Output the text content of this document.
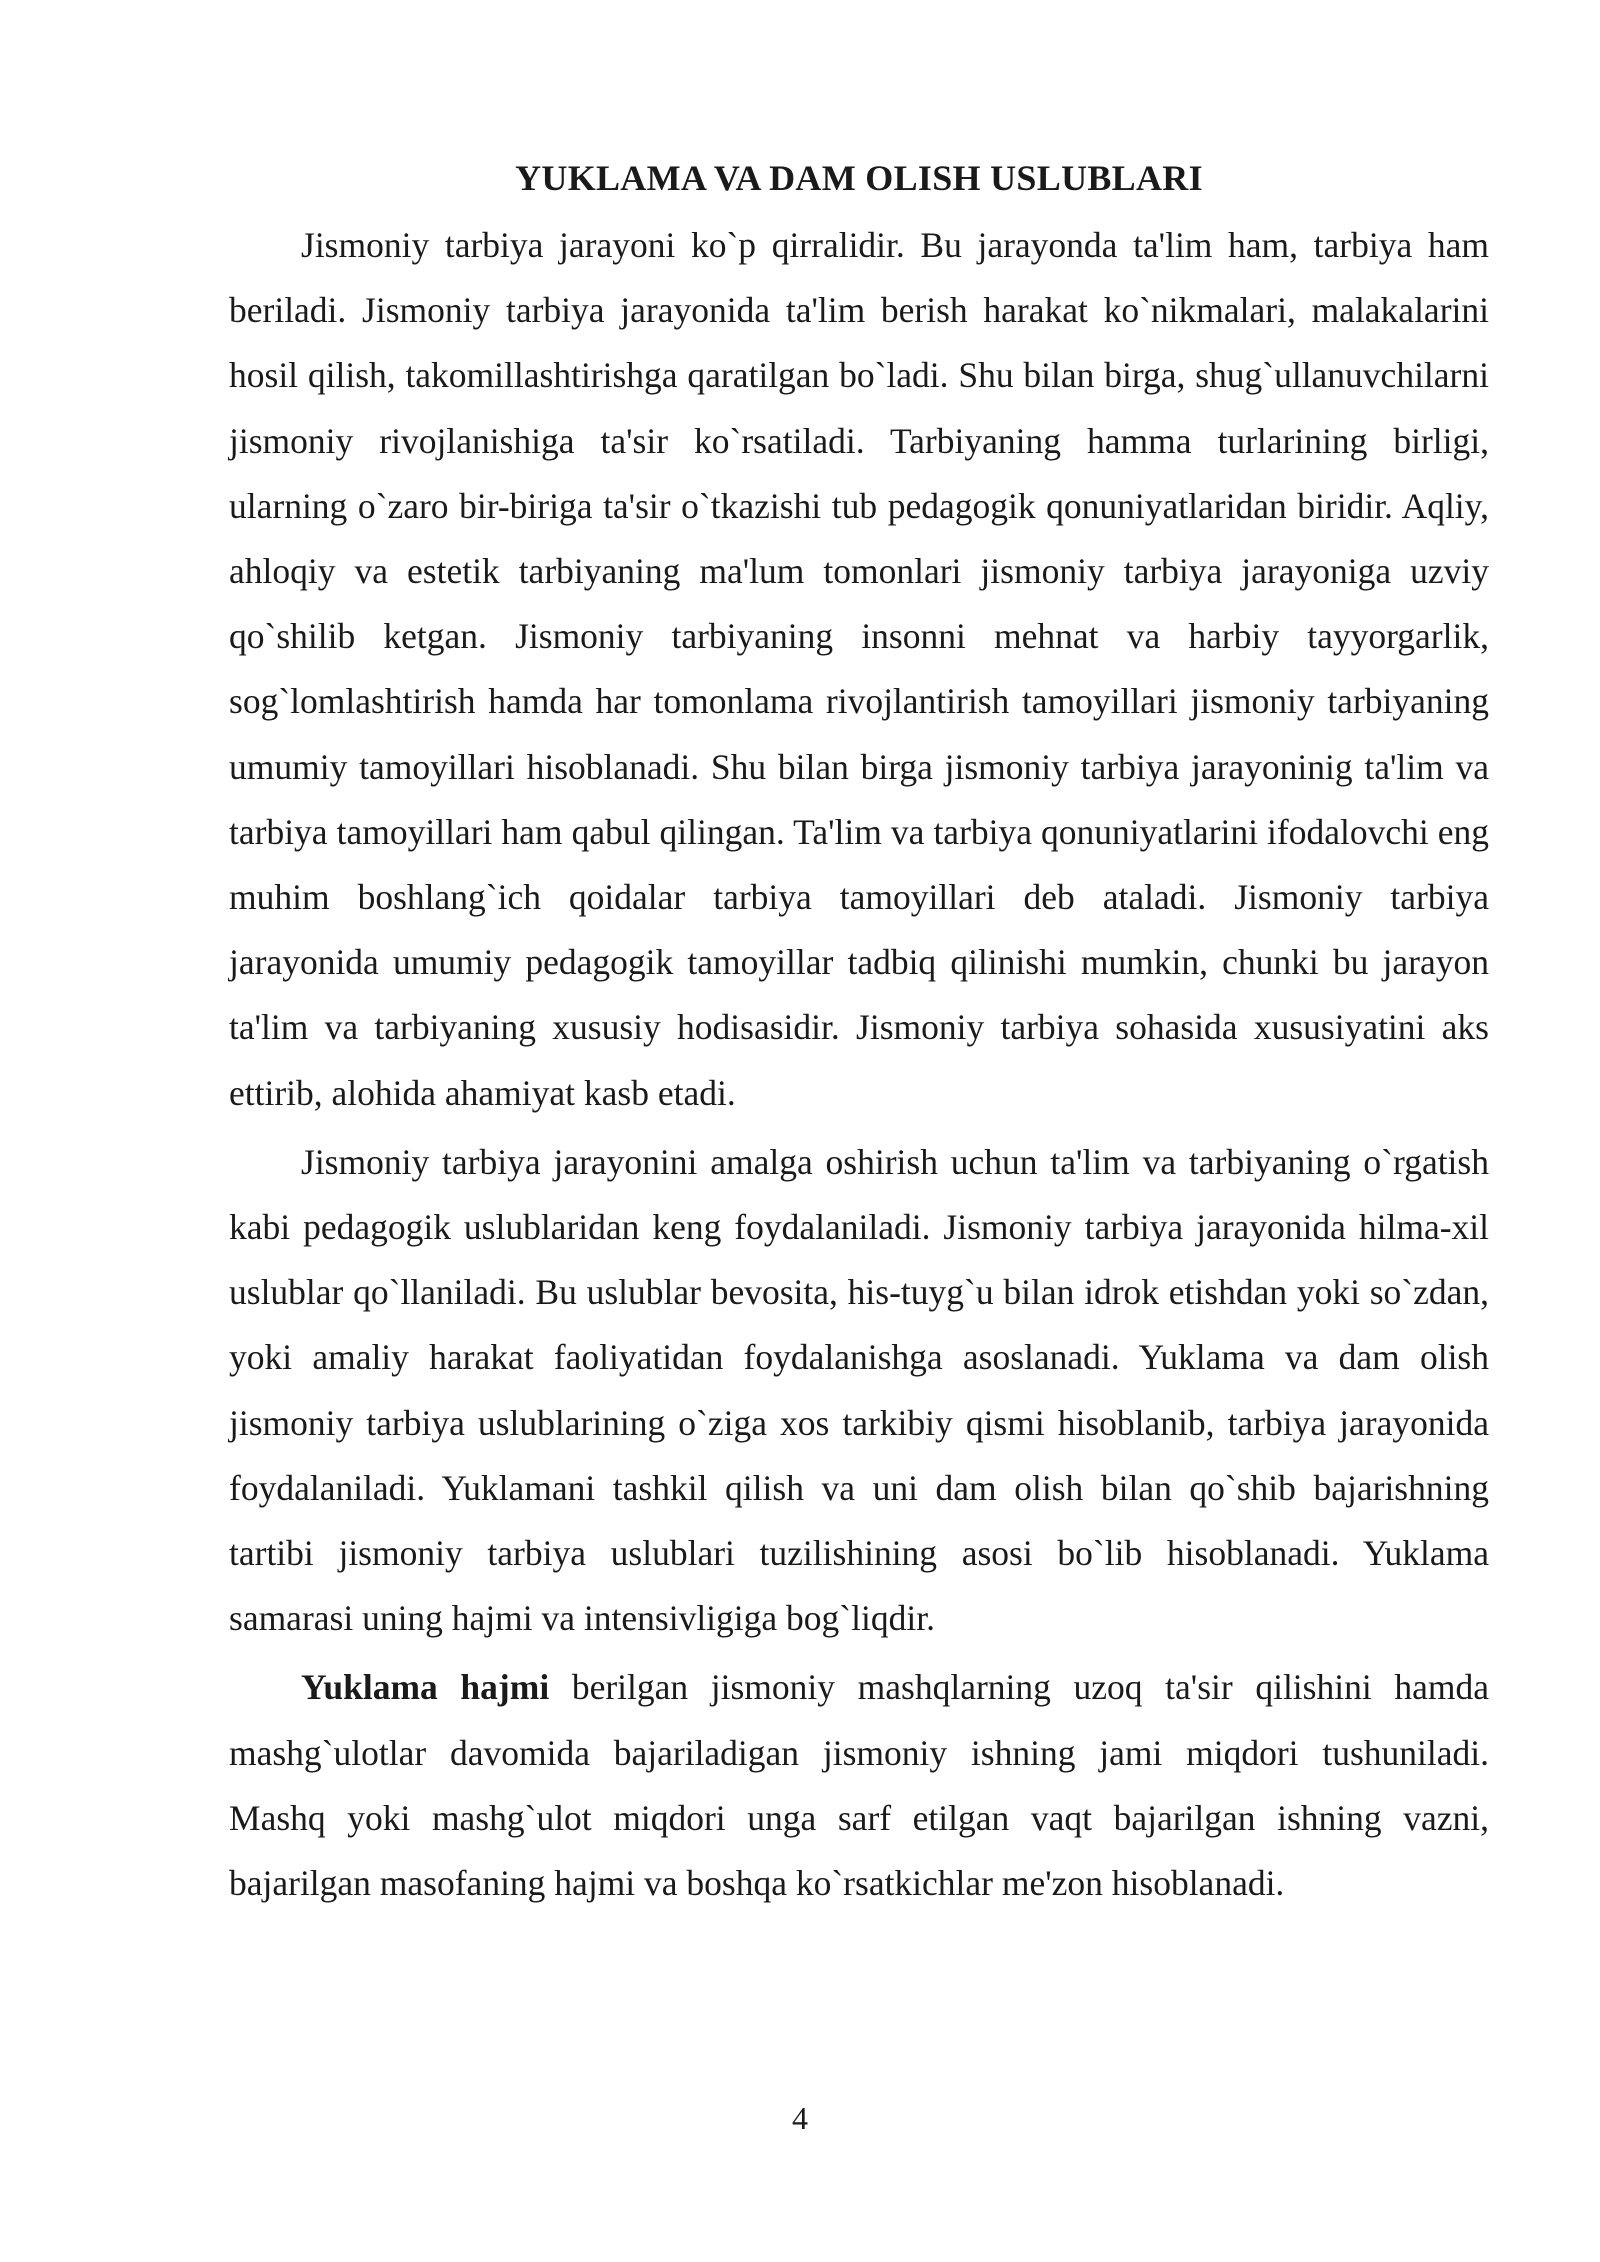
YUKLAMA VA DAM OLISH USLUBLARI

Jismoniy tarbiya jarayoni ko`p qirralidir. Bu jarayonda ta'lim ham, tarbiya ham beriladi. Jismoniy tarbiya jarayonida ta'lim berish harakat ko`nikmalari, malakalarini hosil qilish, takomillashtirishga qaratilgan bo`ladi. Shu bilan birga, shug`ullanuvchilarni jismoniy rivojlanishiga ta'sir ko`rsatiladi. Tarbiyaning hamma turlarining birligi, ularning o`zaro bir-biriga ta'sir o`tkazishi tub pedagogik qonuniyatlaridan biridir. Aqliy, ahloqiy va estetik tarbiyaning ma'lum tomonlari jismoniy tarbiya jarayoniga uzviy qo`shilib ketgan. Jismoniy tarbiyaning insonni mehnat va harbiy tayyorgarlik, sog`lomlashtirish hamda har tomonlama rivojlantirish tamoyillari jismoniy tarbiyaning umumiy tamoyillari hisoblanadi. Shu bilan birga jismoniy tarbiya jarayoninig ta'lim va tarbiya tamoyillari ham qabul qilingan. Ta'lim va tarbiya qonuniyatlarini ifodalovchi eng muhim boshlang`ich qoidalar tarbiya tamoyillari deb ataladi. Jismoniy tarbiya jarayonida umumiy pedagogik tamoyillar tadbiq qilinishi mumkin, chunki bu jarayon ta'lim va tarbiyaning xususiy hodisasidir. Jismoniy tarbiya sohasida xususiyatini aks ettirib, alohida ahamiyat kasb etadi.

Jismoniy tarbiya jarayonini amalga oshirish uchun ta'lim va tarbiyaning o`rgatish kabi pedagogik uslublaridan keng foydalaniladi. Jismoniy tarbiya jarayonida hilma-xil uslublar qo`llaniladi. Bu uslublar bevosita, his-tuyg`u bilan idrok etishdan yoki so`zdan, yoki amaliy harakat faoliyatidan foydalanishga asoslanadi. Yuklama va dam olish jismoniy tarbiya uslublarining o`ziga xos tarkibiy qismi hisoblanib, tarbiya jarayonida foydalaniladi. Yuklamani tashkil qilish va uni dam olish bilan qo`shib bajarishning tartibi jismoniy tarbiya uslublari tuzilishining asosi bo`lib hisoblanadi. Yuklama samarasi uning hajmi va intensivligiga bog`liqdir.

Yuklama hajmi berilgan jismoniy mashqlarning uzoq ta'sir qilishini hamda mashg`ulotlar davomida bajariladigan jismoniy ishning jami miqdori tushuniladi. Mashq yoki mashg`ulot miqdori unga sarf etilgan vaqt bajarilgan ishning vazni, bajarilgan masofaning hajmi va boshqa ko`rsatkichlar me'zon hisoblanadi.

4
